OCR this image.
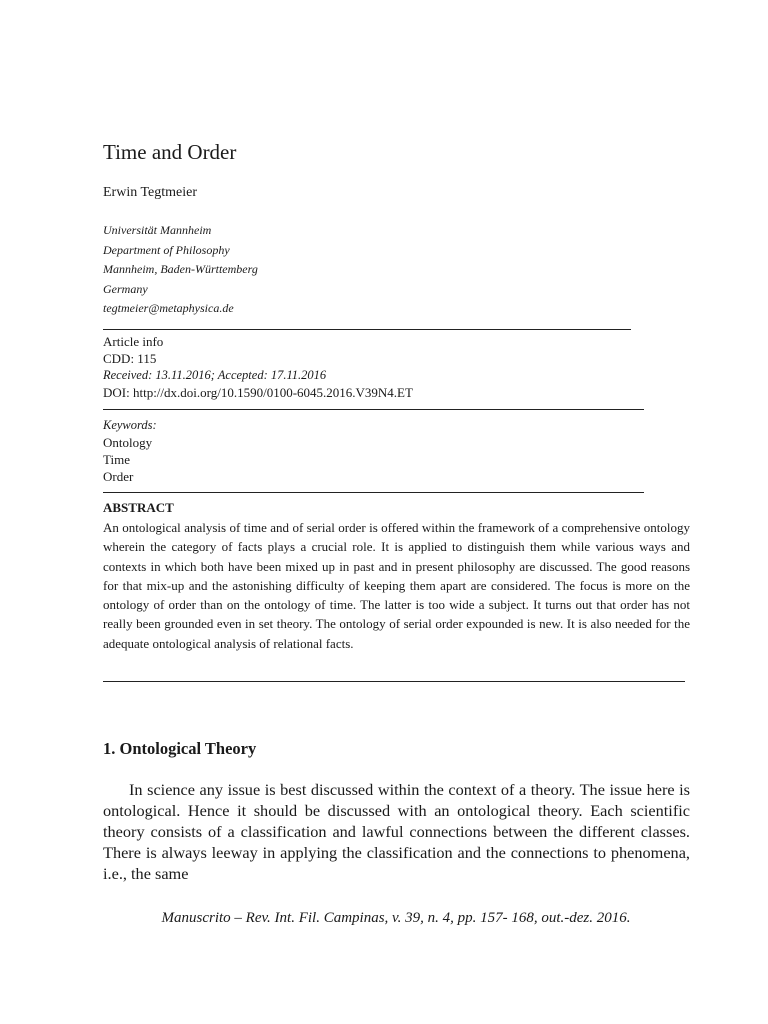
Time and Order
Erwin Tegtmeier
Universität Mannheim
Department of Philosophy
Mannheim, Baden-Württemberg
Germany
tegtmeier@metaphysica.de
Article info
CDD: 115
Received: 13.11.2016; Accepted: 17.11.2016
DOI: http://dx.doi.org/10.1590/0100-6045.2016.V39N4.ET
Keywords:
Ontology
Time
Order
ABSTRACT
An ontological analysis of time and of serial order is offered within the framework of a comprehensive ontology wherein the category of facts plays a crucial role. It is applied to distinguish them while various ways and contexts in which both have been mixed up in past and in present philosophy are discussed. The good reasons for that mix-up and the astonishing difficulty of keeping them apart are considered. The focus is more on the ontology of order than on the ontology of time. The latter is too wide a subject. It turns out that order has not really been grounded even in set theory. The ontology of serial order expounded is new. It is also needed for the adequate ontological analysis of relational facts.
1. Ontological Theory
In science any issue is best discussed within the context of a theory. The issue here is ontological. Hence it should be discussed with an ontological theory. Each scientific theory consists of a classification and lawful connections between the different classes. There is always leeway in applying the classification and the connections to phenomena, i.e., the same
Manuscrito – Rev. Int. Fil. Campinas, v. 39, n. 4, pp. 157- 168, out.-dez. 2016.
